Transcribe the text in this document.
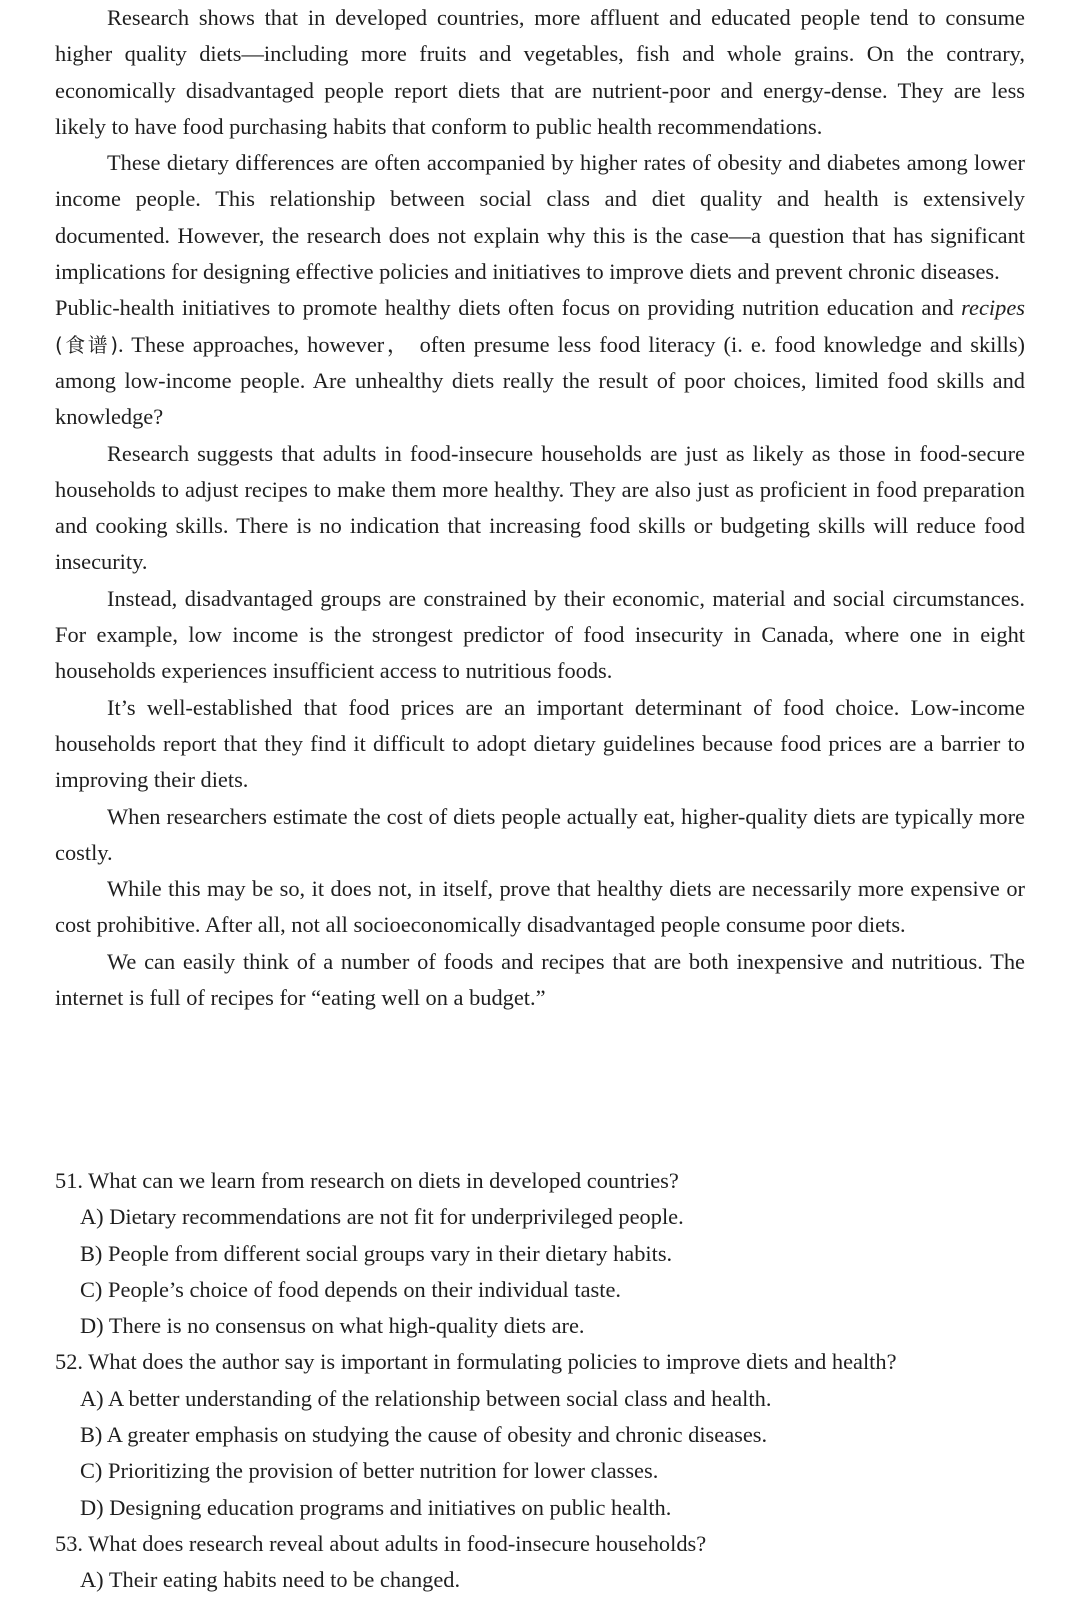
Research shows that in developed countries, more affluent and educated people tend to consume higher quality diets—including more fruits and vegetables, fish and whole grains. On the contrary, economically disadvantaged people report diets that are nutrient-poor and energy-dense. They are less likely to have food purchasing habits that conform to public health recommendations.

These dietary differences are often accompanied by higher rates of obesity and diabetes among lower income people. This relationship between social class and diet quality and health is extensively documented. However, the research does not explain why this is the case—a question that has significant implications for designing effective policies and initiatives to improve diets and prevent chronic diseases.

Public-health initiatives to promote healthy diets often focus on providing nutrition education and recipes (食谱). These approaches, however， often presume less food literacy (i. e. food knowledge and skills) among low-income people. Are unhealthy diets really the result of poor choices, limited food skills and knowledge?

Research suggests that adults in food-insecure households are just as likely as those in food-secure households to adjust recipes to make them more healthy. They are also just as proficient in food preparation and cooking skills. There is no indication that increasing food skills or budgeting skills will reduce food insecurity.

Instead, disadvantaged groups are constrained by their economic, material and social circumstances. For example, low income is the strongest predictor of food insecurity in Canada, where one in eight households experiences insufficient access to nutritious foods.

It’s well-established that food prices are an important determinant of food choice. Low-income households report that they find it difficult to adopt dietary guidelines because food prices are a barrier to improving their diets.

When researchers estimate the cost of diets people actually eat, higher-quality diets are typically more costly.

While this may be so, it does not, in itself, prove that healthy diets are necessarily more expensive or cost prohibitive. After all, not all socioeconomically disadvantaged people consume poor diets.

We can easily think of a number of foods and recipes that are both inexpensive and nutritious. The internet is full of recipes for “eating well on a budget.”

51. What can we learn from research on diets in developed countries?

A) Dietary recommendations are not fit for underprivileged people.

B) People from different social groups vary in their dietary habits.

C) People’s choice of food depends on their individual taste.

D) There is no consensus on what high-quality diets are.

52. What does the author say is important in formulating policies to improve diets and health?

A) A better understanding of the relationship between social class and health.

B) A greater emphasis on studying the cause of obesity and chronic diseases.

C) Prioritizing the provision of better nutrition for lower classes.

D) Designing education programs and initiatives on public health.

53. What does research reveal about adults in food-insecure households?

A) Their eating habits need to be changed.
